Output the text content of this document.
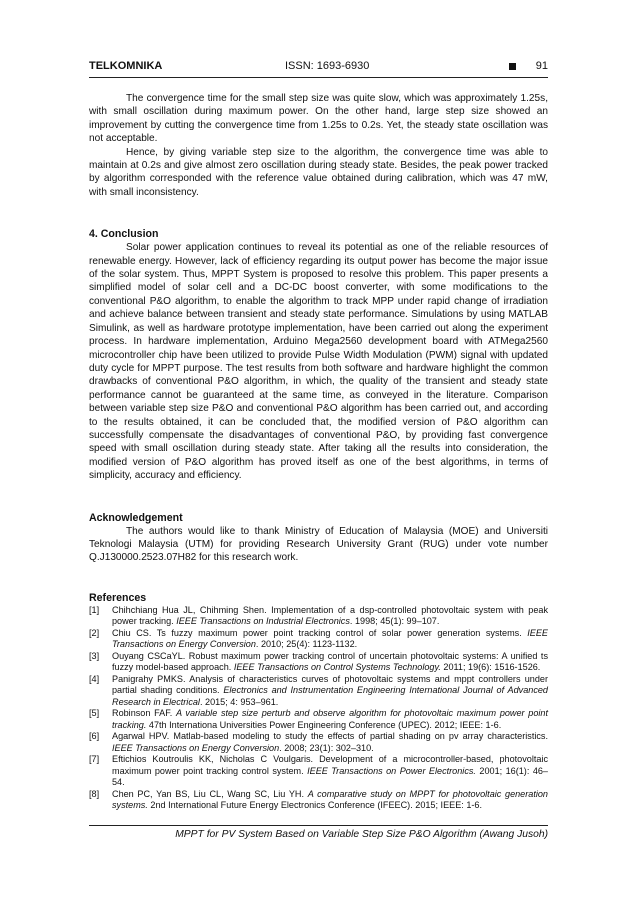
TELKOMNIKA	ISSN: 1693-6930	91

The convergence time for the small step size was quite slow, which was approximately 1.25s, with small oscillation during maximum power. On the other hand, large step size showed an improvement by cutting the convergence time from 1.25s to 0.2s. Yet, the steady state oscillation was not acceptable.

Hence, by giving variable step size to the algorithm, the convergence time was able to maintain at 0.2s and give almost zero oscillation during steady state. Besides, the peak power tracked by algorithm corresponded with the reference value obtained during calibration, which was 47 mW, with small inconsistency.

4. Conclusion

Solar power application continues to reveal its potential as one of the reliable resources of renewable energy. However, lack of efficiency regarding its output power has become the major issue of the solar system. Thus, MPPT System is proposed to resolve this problem. This paper presents a simplified model of solar cell and a DC-DC boost converter, with some modifications to the conventional P&O algorithm, to enable the algorithm to track MPP under rapid change of irradiation and achieve balance between transient and steady state performance. Simulations by using MATLAB Simulink, as well as hardware prototype implementation, have been carried out along the experiment process. In hardware implementation, Arduino Mega2560 development board with ATMega2560 microcontroller chip have been utilized to provide Pulse Width Modulation (PWM) signal with updated duty cycle for MPPT purpose. The test results from both software and hardware highlight the common drawbacks of conventional P&O algorithm, in which, the quality of the transient and steady state performance cannot be guaranteed at the same time, as conveyed in the literature. Comparison between variable step size P&O and conventional P&O algorithm has been carried out, and according to the results obtained, it can be concluded that, the modified version of P&O algorithm can successfully compensate the disadvantages of conventional P&O, by providing fast convergence speed with small oscillation during steady state. After taking all the results into consideration, the modified version of P&O algorithm has proved itself as one of the best algorithms, in terms of simplicity, accuracy and efficiency.

Acknowledgement

The authors would like to thank Ministry of Education of Malaysia (MOE) and Universiti Teknologi Malaysia (UTM) for providing Research University Grant (RUG) under vote number Q.J130000.2523.07H82 for this research work.

References
[1]	Chihchiang Hua JL, Chihming Shen. Implementation of a dsp-controlled photovoltaic system with peak power tracking. IEEE Transactions on Industrial Electronics. 1998; 45(1): 99–107.
[2]	Chiu CS. Ts fuzzy maximum power point tracking control of solar power generation systems. IEEE Transactions on Energy Conversion. 2010; 25(4): 1123-1132.
[3]	Ouyang CSCaYL. Robust maximum power tracking control of uncertain photovoltaic systems: A unified ts fuzzy model-based approach. IEEE Transactions on Control Systems Technology. 2011; 19(6): 1516-1526.
[4]	Panigrahy PMKS. Analysis of characteristics curves of photovoltaic systems and mppt controllers under partial shading conditions. Electronics and Instrumentation Engineering International Journal of Advanced Research in Electrical. 2015; 4: 953–961.
[5]	Robinson FAF. A variable step size perturb and observe algorithm for photovoltaic maximum power point tracking. 47th Internationa Universities Power Engineering Conference (UPEC). 2012; IEEE: 1-6.
[6]	Agarwal HPV. Matlab-based modeling to study the effects of partial shading on pv array characteristics. IEEE Transactions on Energy Conversion. 2008; 23(1): 302–310.
[7]	Eftichios Koutroulis KK, Nicholas C Voulgaris. Development of a microcontroller-based, photovoltaic maximum power point tracking control system. IEEE Transactions on Power Electronics. 2001; 16(1): 46–54.
[8]	Chen PC, Yan BS, Liu CL, Wang SC, Liu YH. A comparative study on MPPT for photovoltaic generation systems. 2nd International Future Energy Electronics Conference (IFEEC). 2015; IEEE: 1-6.
MPPT for PV System Based on Variable Step Size P&O Algorithm (Awang Jusoh)
